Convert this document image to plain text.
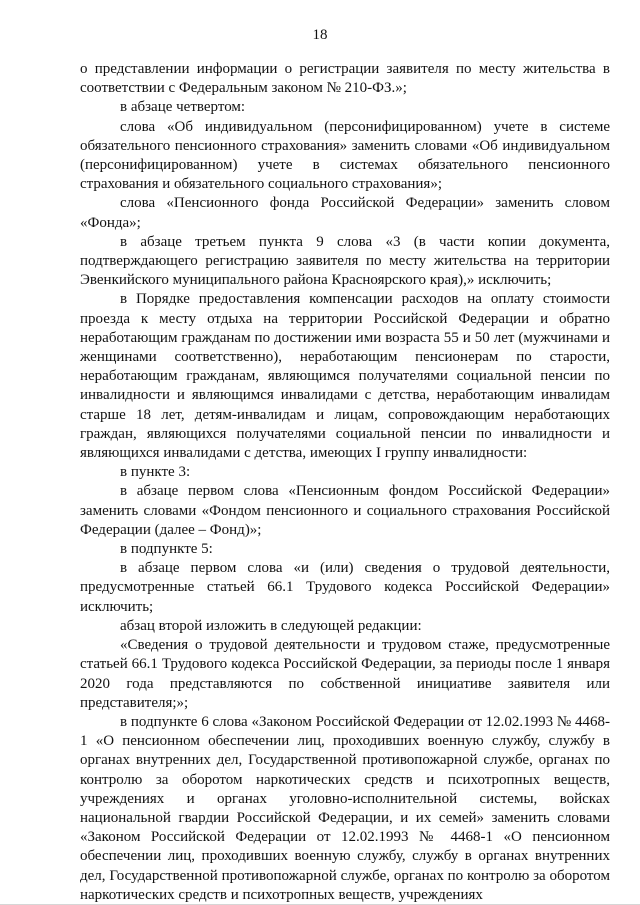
18

о представлении информации о регистрации заявителя по месту жительства в соответствии с Федеральным законом № 210-ФЗ.»;

в абзаце четвертом:

слова «Об индивидуальном (персонифицированном) учете в системе обязательного пенсионного страхования» заменить словами «Об индивидуальном (персонифицированном) учете в системах обязательного пенсионного страхования и обязательного социального страхования»;

слова «Пенсионного фонда Российской Федерации» заменить словом «Фонда»;

в абзаце третьем пункта 9 слова «3 (в части копии документа, подтверждающего регистрацию заявителя по месту жительства на территории Эвенкийского муниципального района Красноярского края),» исключить;

в Порядке предоставления компенсации расходов на оплату стоимости проезда к месту отдыха на территории Российской Федерации и обратно неработающим гражданам по достижении ими возраста 55 и 50 лет (мужчинами и женщинами соответственно), неработающим пенсионерам по старости, неработающим гражданам, являющимся получателями социальной пенсии по инвалидности и являющимся инвалидами с детства, неработающим инвалидам старше 18 лет, детям-инвалидам и лицам, сопровождающим неработающих граждан, являющихся получателями социальной пенсии по инвалидности и являющихся инвалидами с детства, имеющих I группу инвалидности:

в пункте 3:

в абзаце первом слова «Пенсионным фондом Российской Федерации» заменить словами «Фондом пенсионного и социального страхования Российской Федерации (далее – Фонд)»;

в подпункте 5:

в абзаце первом слова «и (или) сведения о трудовой деятельности, предусмотренные статьей 66.1 Трудового кодекса Российской Федерации» исключить;

абзац второй изложить в следующей редакции:

«Сведения о трудовой деятельности и трудовом стаже, предусмотренные статьей 66.1 Трудового кодекса Российской Федерации, за периоды после 1 января 2020 года представляются по собственной инициативе заявителя или представителя;»;

в подпункте 6 слова «Законом Российской Федерации от 12.02.1993 № 4468-1 «О пенсионном обеспечении лиц, проходивших военную службу, службу в органах внутренних дел, Государственной противопожарной службе, органах по контролю за оборотом наркотических средств и психотропных веществ, учреждениях и органах уголовно-исполнительной системы, войсках национальной гвардии Российской Федерации, и их семей» заменить словами «Законом Российской Федерации от 12.02.1993 № 4468-1 «О пенсионном обеспечении лиц, проходивших военную службу, службу в органах внутренних дел, Государственной противопожарной службе, органах по контролю за оборотом наркотических средств и психотропных веществ, учреждениях
